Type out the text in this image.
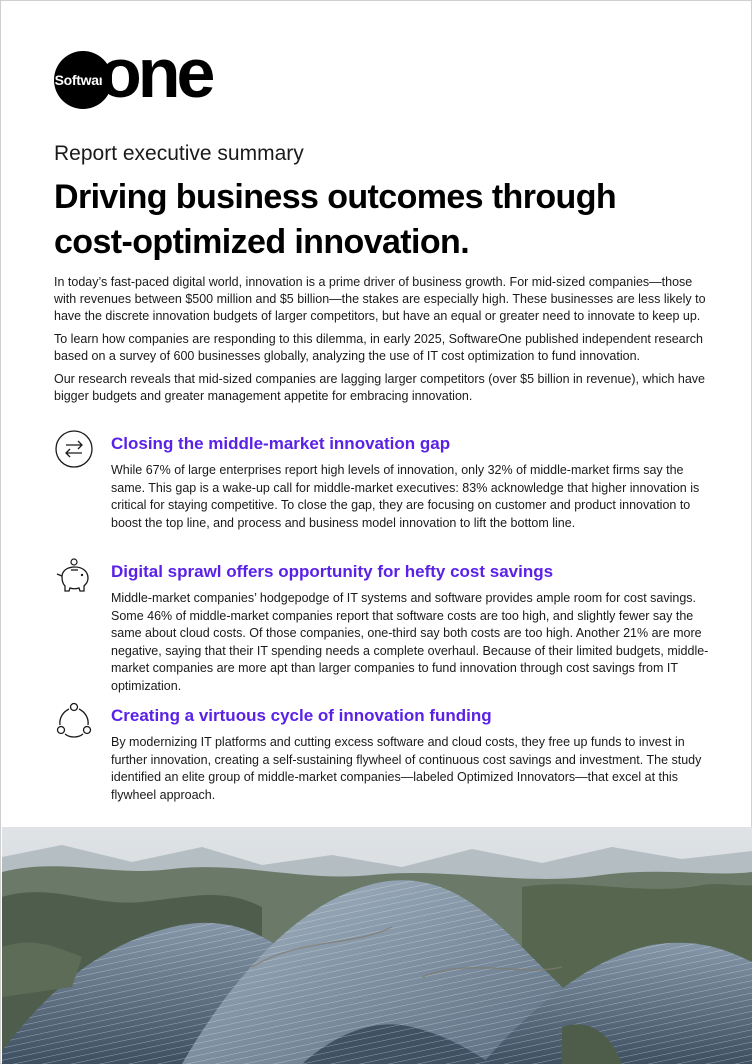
Software
one
Report executive summary
Driving business outcomes through
cost-optimized innovation.

In today’s fast-paced digital world, innovation is a prime driver of business growth. For mid-sized companies—those with revenues between $500 million and $5 billion—the stakes are especially high. These businesses are less likely to have the discrete innovation budgets of larger competitors, but have an equal or greater need to innovate to keep up.

To learn how companies are responding to this dilemma, in early 2025, SoftwareOne published independent research based on a survey of 600 businesses globally, analyzing the use of IT cost optimization to fund innovation.

Our research reveals that mid-sized companies are lagging larger competitors (over $5 billion in revenue), which have bigger budgets and greater management appetite for embracing innovation.

Closing the middle-market innovation gap
While 67% of large enterprises report high levels of innovation, only 32% of middle-market firms say the same. This gap is a wake-up call for middle-market executives: 83% acknowledge that higher innovation is critical for staying competitive. To close the gap, they are focusing on customer and product innovation to boost the top line, and process and business model innovation to lift the bottom line.
Digital sprawl offers opportunity for hefty cost savings
Middle-market companies’ hodgepodge of IT systems and software provides ample room for cost savings. Some 46% of middle-market companies report that software costs are too high, and slightly fewer say the same about cloud costs. Of those companies, one-third say both costs are too high. Another 21% are more negative, saying that their IT spending needs a complete overhaul. Because of their limited budgets, middle-market companies are more apt than larger companies to fund innovation through cost savings from IT optimization.
Creating a virtuous cycle of innovation funding
By modernizing IT platforms and cutting excess software and cloud costs, they free up funds to invest in further innovation, creating a self-sustaining flywheel of continuous cost savings and investment. The study identified an elite group of middle-market companies—labeled Optimized Innovators—that excel at this flywheel approach.
